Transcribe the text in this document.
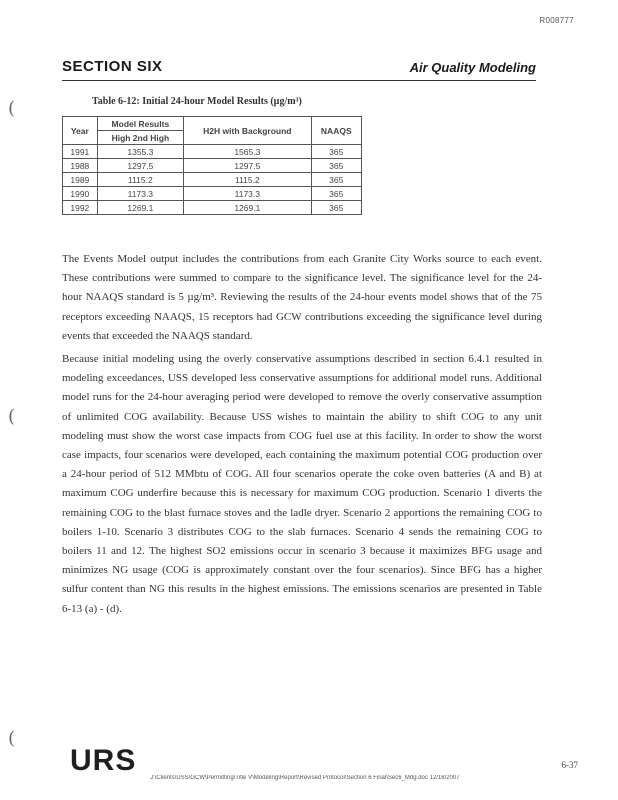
R008777
SECTION SIX	Air Quality Modeling
(
(
(
Table 6-12: Initial 24-hour Model Results (µg/m³)
Year	Model Results	H2H with Background	NAAQS
	High 2nd High		
1991	1355.3	1565.3	365
1988	1297.5	1297.5	365
1989	1115.2	1115.2	365
1990	1173.3	1173.3	365
1992	1269.1	1269.1	365

The Events Model output includes the contributions from each Granite City Works source to each event. These contributions were summed to compare to the significance level. The significance level for the 24-hour NAAQS standard is 5 µg/m³. Reviewing the results of the 24-hour events model shows that of the 75 receptors exceeding NAAQS, 15 receptors had GCW contributions exceeding the significance level during events that exceeded the NAAQS standard.

Because initial modeling using the overly conservative assumptions described in section 6.4.1 resulted in modeling exceedances, USS developed less conservative assumptions for additional model runs. Additional model runs for the 24-hour averaging period were developed to remove the overly conservative assumption of unlimited COG availability. Because USS wishes to maintain the ability to shift COG to any unit modeling must show the worst case impacts from COG fuel use at this facility. In order to show the worst case impacts, four scenarios were developed, each containing the maximum potential COG production over a 24-hour period of 512 MMbtu of COG. All four scenarios operate the coke oven batteries (A and B) at maximum COG underfire because this is necessary for maximum COG production. Scenario 1 diverts the remaining COG to the blast furnace stoves and the ladle dryer. Scenario 2 apportions the remaining COG to boilers 1-10. Scenario 3 distributes COG to the slab furnaces. Scenario 4 sends the remaining COG to boilers 11 and 12. The highest SO2 emissions occur in scenario 3 because it maximizes BFG usage and minimizes NG usage (COG is approximately constant over the four scenarios). Since BFG has a higher sulfur content than NG this results in the highest emissions. The emissions scenarios are presented in Table 6-13 (a) - (d).

URS	6-37
J:\Clients\USS\GCW\Permitting\Title V\Modeling\Report\Revised Protocol\Section 6 Final\Sec6_Mdg.doc 12/18/2007
